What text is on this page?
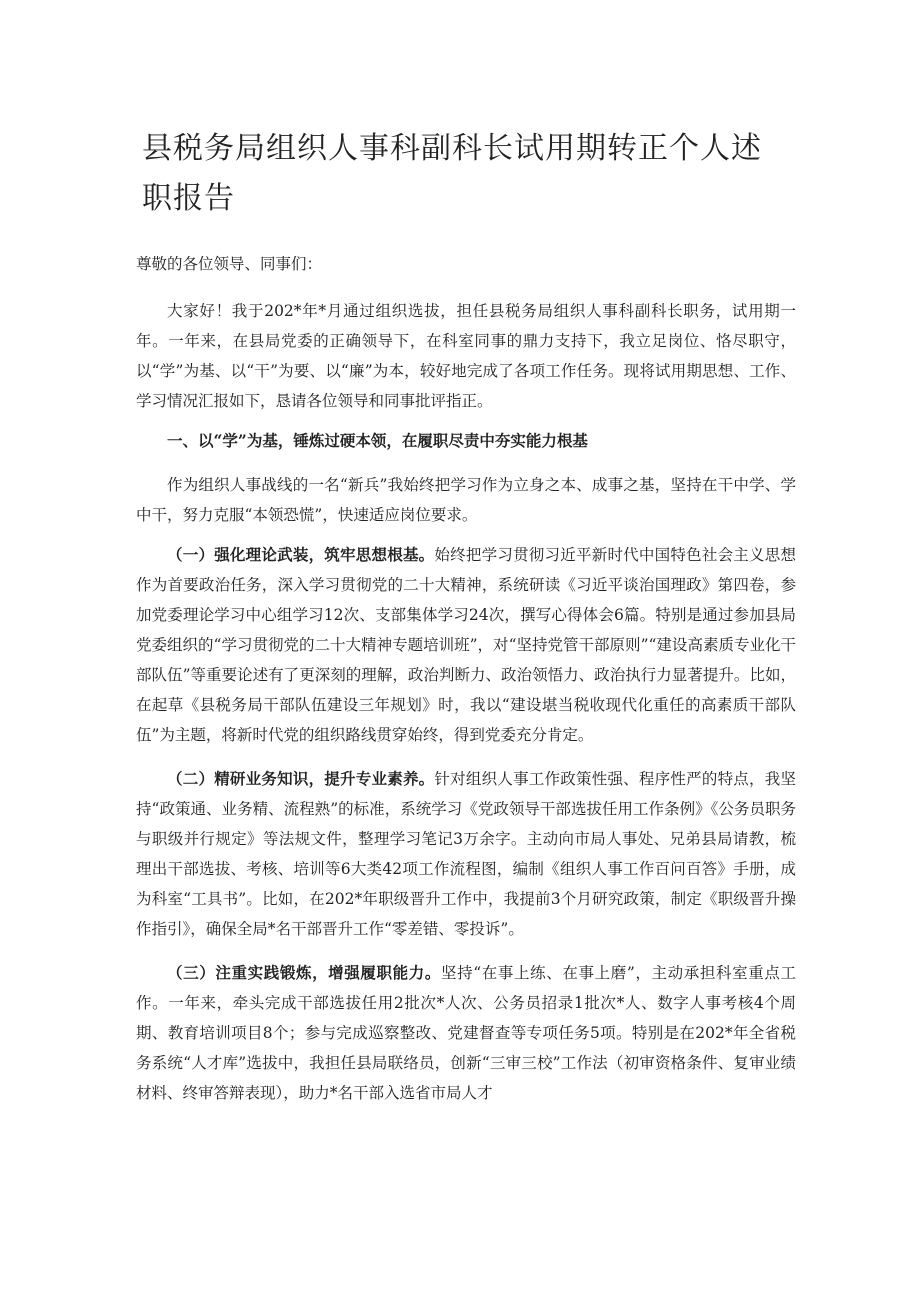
县税务局组织人事科副科长试用期转正个人述职报告

尊敬的各位领导、同事们：

大家好！我于202*年*月通过组织选拔，担任县税务局组织人事科副科长职务，试用期一年。一年来，在县局党委的正确领导下，在科室同事的鼎力支持下，我立足岗位、恪尽职守，以“学”为基、以“干”为要、以“廉”为本，较好地完成了各项工作任务。现将试用期思想、工作、学习情况汇报如下，恳请各位领导和同事批评指正。

一、以“学”为基，锤炼过硬本领，在履职尽责中夯实能力根基

作为组织人事战线的一名“新兵”我始终把学习作为立身之本、成事之基，坚持在干中学、学中干，努力克服“本领恐慌”，快速适应岗位要求。

（一）强化理论武装，筑牢思想根基。始终把学习贯彻习近平新时代中国特色社会主义思想作为首要政治任务，深入学习贯彻党的二十大精神，系统研读《习近平谈治国理政》第四卷，参加党委理论学习中心组学习12次、支部集体学习24次，撰写心得体会6篇。特别是通过参加县局党委组织的“学习贯彻党的二十大精神专题培训班”，对“坚持党管干部原则”“建设高素质专业化干部队伍”等重要论述有了更深刻的理解，政治判断力、政治领悟力、政治执行力显著提升。比如，在起草《县税务局干部队伍建设三年规划》时，我以“建设堪当税收现代化重任的高素质干部队伍”为主题，将新时代党的组织路线贯穿始终，得到党委充分肯定。

（二）精研业务知识，提升专业素养。针对组织人事工作政策性强、程序性严的特点，我坚持“政策通、业务精、流程熟”的标准，系统学习《党政领导干部选拔任用工作条例》《公务员职务与职级并行规定》等法规文件，整理学习笔记3万余字。主动向市局人事处、兄弟县局请教，梳理出干部选拔、考核、培训等6大类42项工作流程图，编制《组织人事工作百问百答》手册，成为科室“工具书”。比如，在202*年职级晋升工作中，我提前3个月研究政策，制定《职级晋升操作指引》，确保全局*名干部晋升工作“零差错、零投诉”。

（三）注重实践锻炼，增强履职能力。坚持“在事上练、在事上磨”，主动承担科室重点工作。一年来，牵头完成干部选拔任用2批次*人次、公务员招录1批次*人、数字人事考核4个周期、教育培训项目8个；参与完成巡察整改、党建督查等专项任务5项。特别是在202*年全省税务系统“人才库”选拔中，我担任县局联络员，创新“三审三校”工作法（初审资格条件、复审业绩材料、终审答辩表现），助力*名干部入选省市局人才
